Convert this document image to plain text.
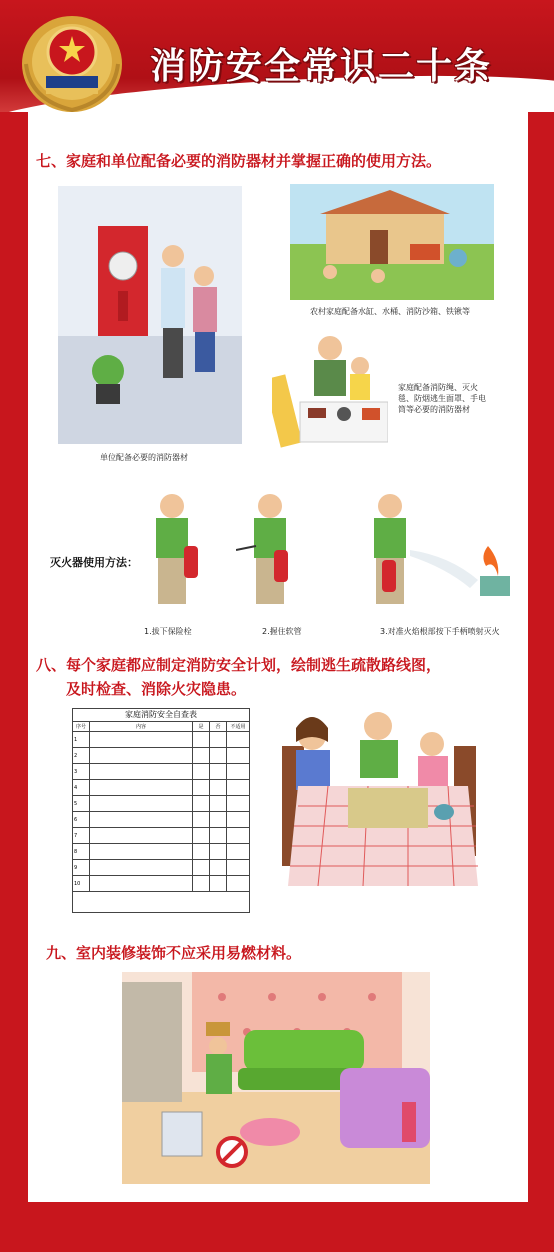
消防安全常识二十条
七、家庭和单位配备必要的消防器材并掌握正确的使用方法。
单位配备必要的消防器材
农村家庭配备水缸、水桶、消防沙箱、铁锹等
家庭配备消防绳、灭火毯、防烟逃生面罩、手电筒等必要的消防器材
灭火器使用方法：
1.拔下保险栓	2.握住软管	3.对准火焰根部按下手柄喷射灭火
八、每个家庭都应制定消防安全计划，绘制逃生疏散路线图，
及时检查、消除火灾隐患。
家庭消防安全自查表
序号	内容	是	否	不适用
1				
2				
3				
4				
5				
6				
7				
8				
9				
10				
九、室内装修装饰不应采用易燃材料。
